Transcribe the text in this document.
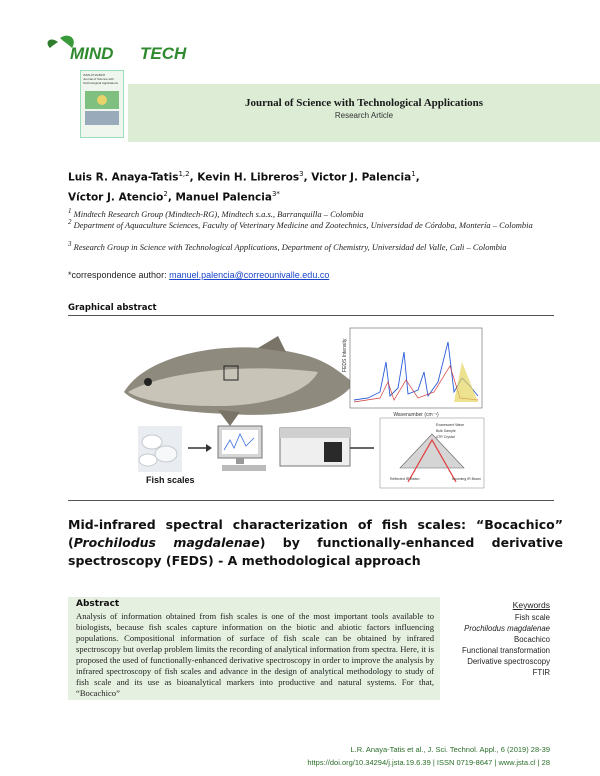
MIND TECH
ISSN-0719-8647
Journal of Science with Technological Applications
Journal of Science with Technological Applications
Research Article
Luis R. Anaya-Tatis$^{1,2}$, Kevin H. Libreros$^3$, Victor J. Palencia$^1$,
Víctor J. Atencio$^2$, Manuel Palencia$^{3*}$
$^1$ Mindtech Research Group (Mindtech-RG), Mindtech s.a.s., Barranquilla – Colombia
$^2$ Department of Aquaculture Sciences, Faculty of Veterinary Medicine and Zootechnics, Universidad de Córdoba, Montería – Colombia
$^3$ Research Group in Science with Technological Applications, Department of Chemistry, Universidad del Valle, Cali – Colombia
*correspondence author: manuel.palencia@correounivalle.edu.co
Graphical abstract
Wavenumber (cm⁻¹)
FEDS Intensity
Evanescent Wave
Bulk Sample
ATR Crystal
Reflected IR Beam	Incoming IR Beam
Fish scales
Mid-infrared spectral characterization of fish scales: “Bocachico” (Prochilodus magdalenae) by functionally-enhanced derivative spectroscopy (FEDS) - A methodological approach
Abstract
Analysis of information obtained from fish scales is one of the most important tools available to biologists, because fish scales capture information on the biotic and abiotic factors influencing populations. Compositional information of surface of fish scale can be obtained by infrared spectroscopy but overlap problem limits the recording of analytical information from spectra. Here, it is proposed the used of functionally-enhanced derivative spectroscopy in order to improve the analysis by infrared spectroscopy of fish scales and advance in the design of analytical methodology to study of fish scale and its use as bioanalytical markers into productive and natural systems. For that, “Bocachico”
Keywords
Fish scale
Prochilodus magdalenae
Bocachico
Functional transformation
Derivative spectroscopy
FTIR
L.R. Anaya-Tatis et al., J. Sci. Technol. Appl., 6 (2019) 28-39
https://doi.org/10.34294/j.jsta.19.6.39 | ISSN 0719-8647 | www.jsta.cl | 28
